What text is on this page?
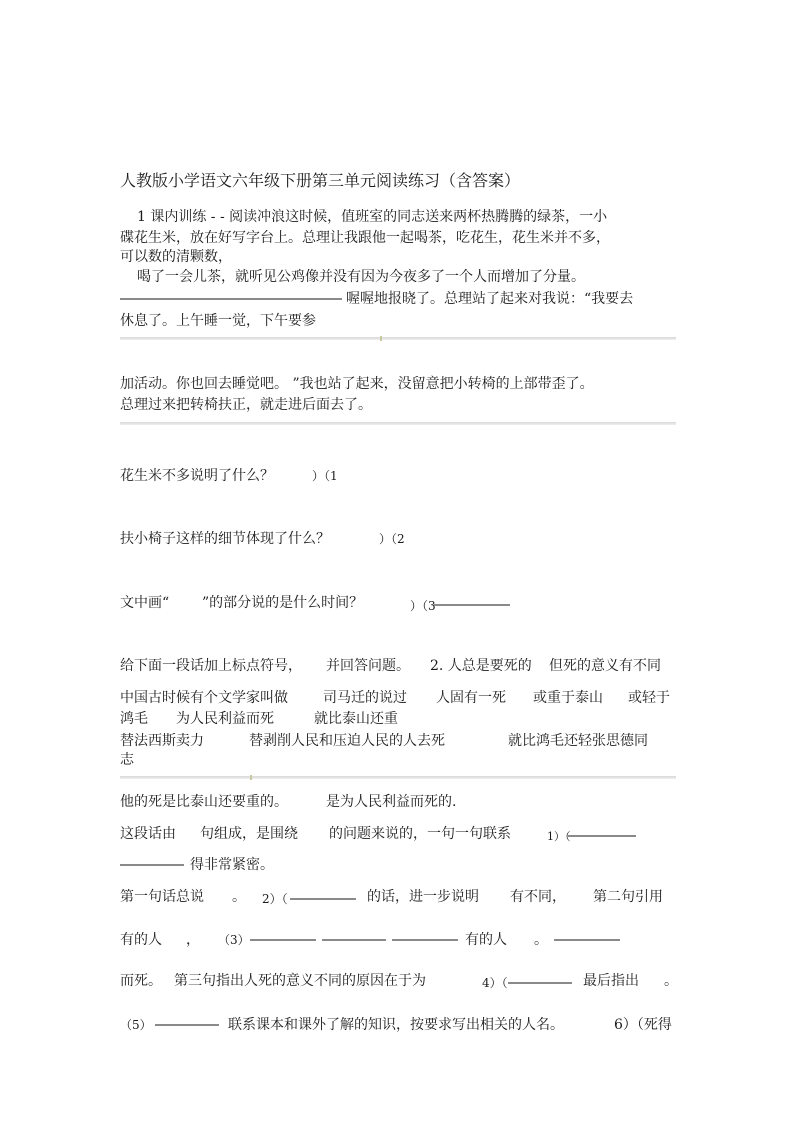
人教版小学语文六年级下册第三单元阅读练习（含答案）
1 课内训练 - - 阅读冲浪这时候，值班室的同志送来两杯热腾腾的绿茶，一小
碟花生米，放在好写字台上。总理让我跟他一起喝茶，吃花生，花生米并不多，
可以数的清颗数，
喝了一会儿茶，就听见公鸡像并没有因为今夜多了一个人而增加了分量。
喔喔地报晓了。总理站了起来对我说：“我要去
休息了。上午睡一觉，下午要参
加活动。你也回去睡觉吧。 ”我也站了起来，没留意把小转椅的上部带歪了。
总理过来把转椅扶正，就走进后面去了。
花生米不多说明了什么？	）（1
扶小椅子这样的细节体现了什么？	）（2
文中画“ ”的部分说的是什么时间？	）（3
给下面一段话加上标点符号， 并回答问题。 2. 人总是要死的 但死的意义有不同
中国古时候有个文学家叫做	司马迁的说过 人固有一死 或重于泰山 或轻于
鸿毛 为人民利益而死	就比泰山还重
替法西斯卖力	替剥削人民和压迫人民的人去死	就比鸿毛还轻张思德同
志
他的死是比泰山还要重的。	是为人民利益而死的.
这段话由 句组成，是围绕 的问题来说的，一句一句联系	1）（
得非常紧密。
第一句话总说 。 2）（	的话，进一步说明 有不同， 第二句引用
有的人 ， （3）	有的人 。
而死。 第三句指出人死的意义不同的原因在于为	4）（	最后指出 。
（5）	联系课本和课外了解的知识，按要求写出相关的人名。	6）（死得
